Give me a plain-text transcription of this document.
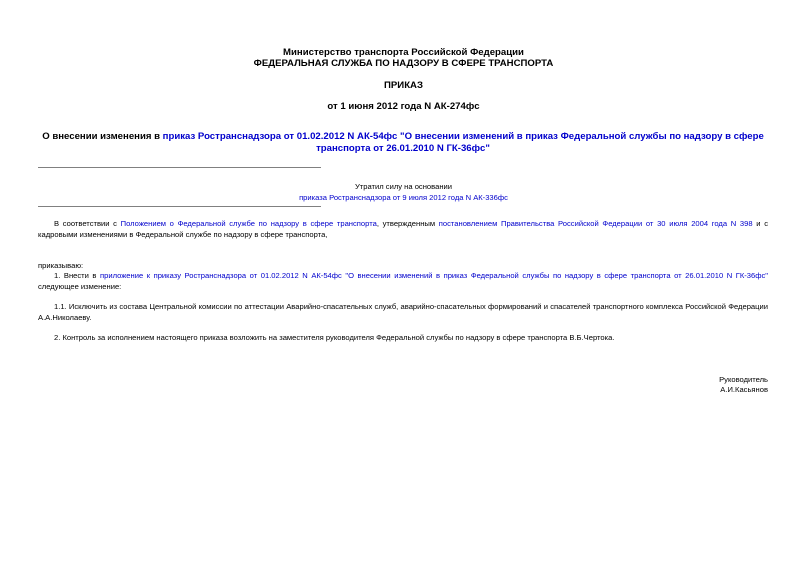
Министерство транспорта Российской Федерации
ФЕДЕРАЛЬНАЯ СЛУЖБА ПО НАДЗОРУ В СФЕРЕ ТРАНСПОРТА
ПРИКАЗ
от 1 июня 2012 года N АК-274фс
О внесении изменения в приказ Ространснадзора от 01.02.2012 N АК-54фс "О внесении изменений в приказ Федеральной службы по надзору в сфере транспорта от 26.01.2010 N ГК-36фс"
Утратил силу на основании
приказа Ространснадзора от 9 июля 2012 года N АК-336фс
В соответствии с Положением о Федеральной службе по надзору в сфере транспорта, утвержденным постановлением Правительства Российской Федерации от 30 июля 2004 года N 398 и с кадровыми изменениями в Федеральной службе по надзору в сфере транспорта,
приказываю:
1. Внести в приложение к приказу Ространснадзора от 01.02.2012 N АК-54фс "О внесении изменений в приказ Федеральной службы по надзору в сфере транспорта от 26.01.2010 N ГК-36фс" следующее изменение:
1.1. Исключить из состава Центральной комиссии по аттестации Аварийно-спасательных служб, аварийно-спасательных формирований и спасателей транспортного комплекса Российской Федерации А.А.Николаеву.
2. Контроль за исполнением настоящего приказа возложить на заместителя руководителя Федеральной службы по надзору в сфере транспорта В.Б.Чертока.
Руководитель
А.И.Касьянов
